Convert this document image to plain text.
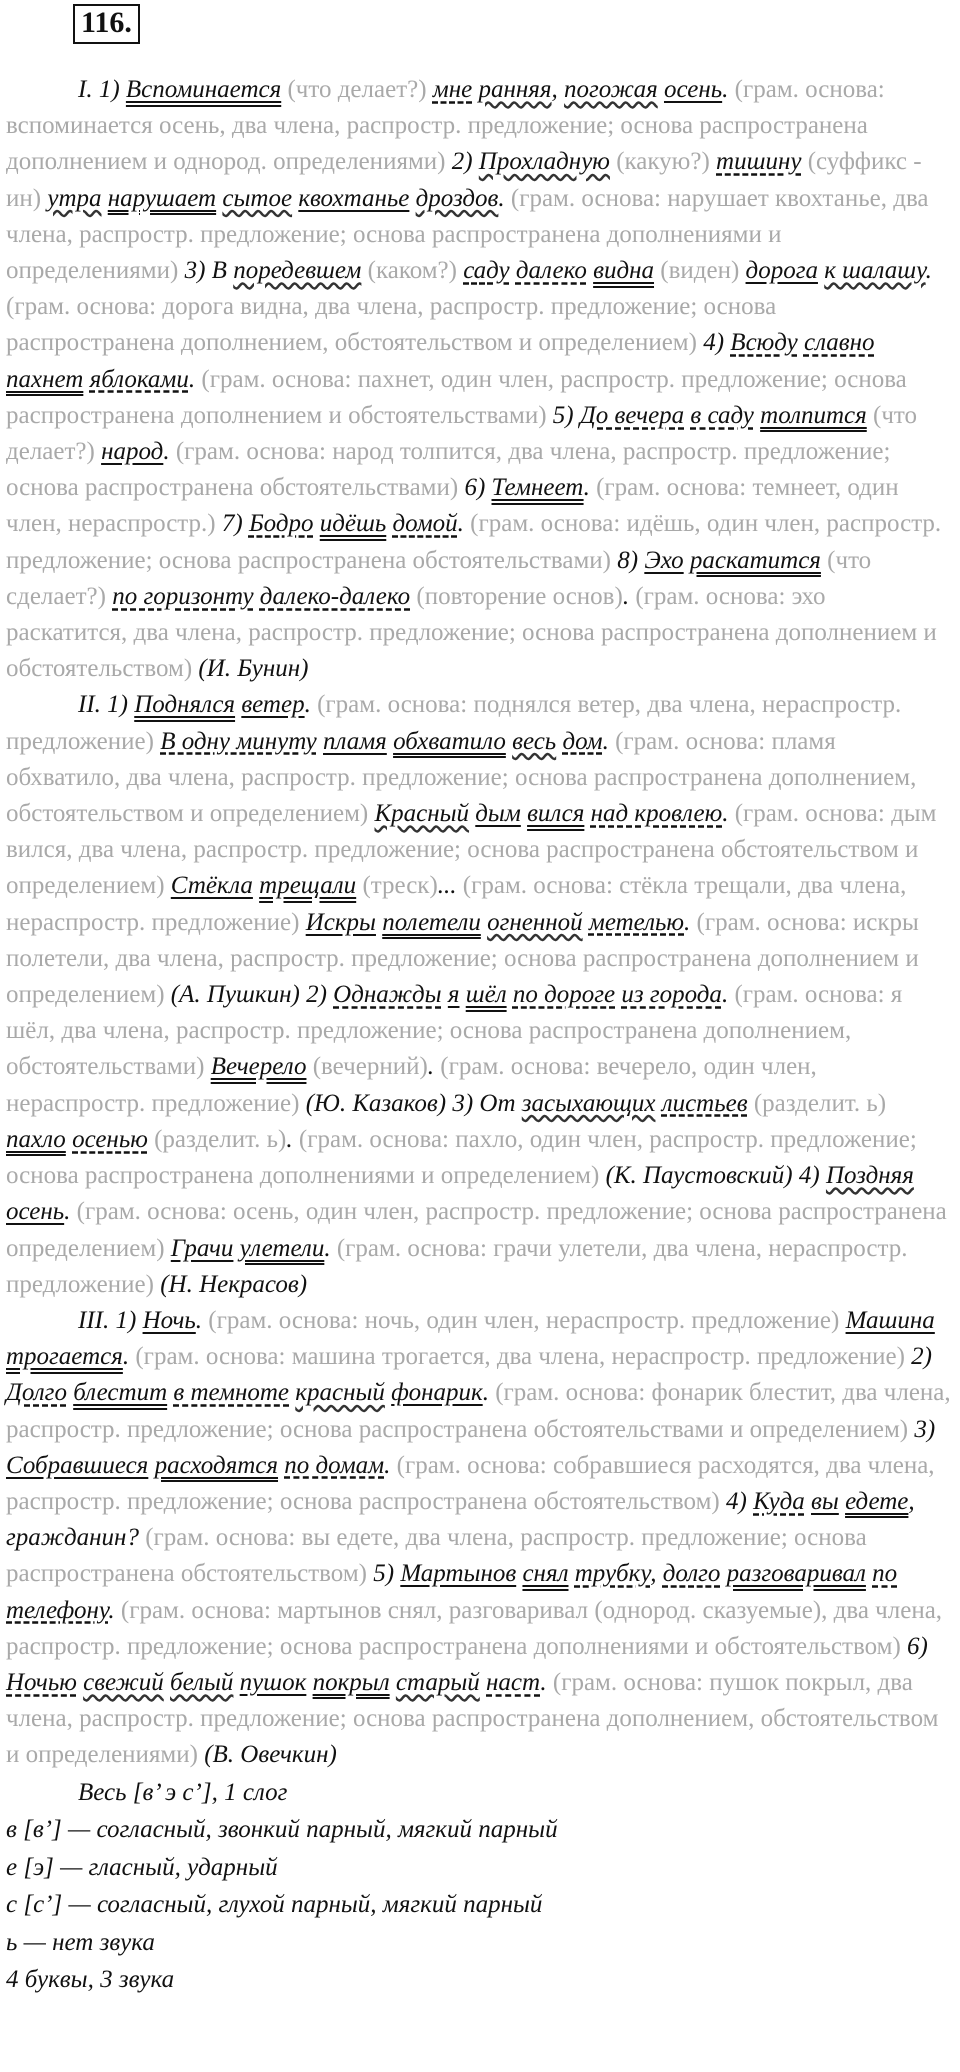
116.

I. 1) Вспоминается (что делает?) мне ранняя, погожая осень. (грам. основа: вспоминается осень, два члена, распростр. предложение; основа распространена дополнением и однород. определениями) 2) Прохладную (какую?) тишину (суффикс - ин) утра нарушает сытое квохтанье дроздов. (грам. основа: нарушает квохтанье, два члена, распростр. предложение; основа распространена дополнениями и определениями) 3) В поредевшем (каком?) саду далеко видна (виден) дорога к шалашу. (грам. основа: дорога видна, два члена, распростр. предложение; основа распространена дополнением, обстоятельством и определением) 4) Всюду славно пахнет яблоками. (грам. основа: пахнет, один член, распростр. предложение; основа распространена дополнением и обстоятельствами) 5) До вечера в саду толпится (что делает?) народ. (грам. основа: народ толпится, два члена, распростр. предложение; основа распространена обстоятельствами) 6) Темнеет. (грам. основа: темнеет, один член, нераспростр.) 7) Бодро идёшь домой. (грам. основа: идёшь, один член, распростр. предложение; основа распространена обстоятельствами) 8) Эхо раскатится (что сделает?) по горизонту далеко-далеко (повторение основ). (грам. основа: эхо раскатится, два члена, распростр. предложение; основа распространена дополнением и обстоятельством) (И. Бунин)

II. 1) Поднялся ветер. (грам. основа: поднялся ветер, два члена, нераспростр. предложение) В одну минуту пламя обхватило весь дом. (грам. основа: пламя обхватило, два члена, распростр. предложение; основа распространена дополнением, обстоятельством и определением) Красный дым вился над кровлею. (грам. основа: дым вился, два члена, распростр. предложение; основа распространена обстоятельством и определением) Стёкла трещали (треск)... (грам. основа: стёкла трещали, два члена, нераспростр. предложение) Искры полетели огненной метелью. (грам. основа: искры полетели, два члена, распростр. предложение; основа распространена дополнением и определением) (А. Пушкин) 2) Однажды я шёл по дороге из города. (грам. основа: я шёл, два члена, распростр. предложение; основа распространена дополнением, обстоятельствами) Вечерело (вечерний). (грам. основа: вечерело, один член, нераспростр. предложение) (Ю. Казаков) 3) От засыхающих листьев (разделит. ь) пахло осенью (разделит. ь). (грам. основа: пахло, один член, распростр. предложение; основа распространена дополнениями и определением) (К. Паустовский) 4) Поздняя осень. (грам. основа: осень, один член, распростр. предложение; основа распространена определением) Грачи улетели. (грам. основа: грачи улетели, два члена, нераспростр. предложение) (Н. Некрасов)

III. 1) Ночь. (грам. основа: ночь, один член, нераспростр. предложение) Машина трогается. (грам. основа: машина трогается, два члена, нераспростр. предложение) 2) Долго блестит в темноте красный фонарик. (грам. основа: фонарик блестит, два члена, распростр. предложение; основа распространена обстоятельствами и определением) 3) Собравшиеся расходятся по домам. (грам. основа: собравшиеся расходятся, два члена, распростр. предложение; основа распространена обстоятельством) 4) Куда вы едете, гражданин? (грам. основа: вы едете, два члена, распростр. предложение; основа распространена обстоятельством) 5) Мартынов снял трубку, долго разговаривал по телефону. (грам. основа: мартынов снял, разговаривал (однород. сказуемые), два члена, распростр. предложение; основа распространена дополнениями и обстоятельством) 6) Ночью свежий белый пушок покрыл старый наст. (грам. основа: пушок покрыл, два члена, распростр. предложение; основа распространена дополнением, обстоятельством и определениями) (В. Овечкин)

Весь [в’ э с’], 1 слог

в [в’] — согласный, звонкий парный, мягкий парный

е [э] — гласный, ударный

с [с’] — согласный, глухой парный, мягкий парный

ь — нет звука

4 буквы, 3 звука
